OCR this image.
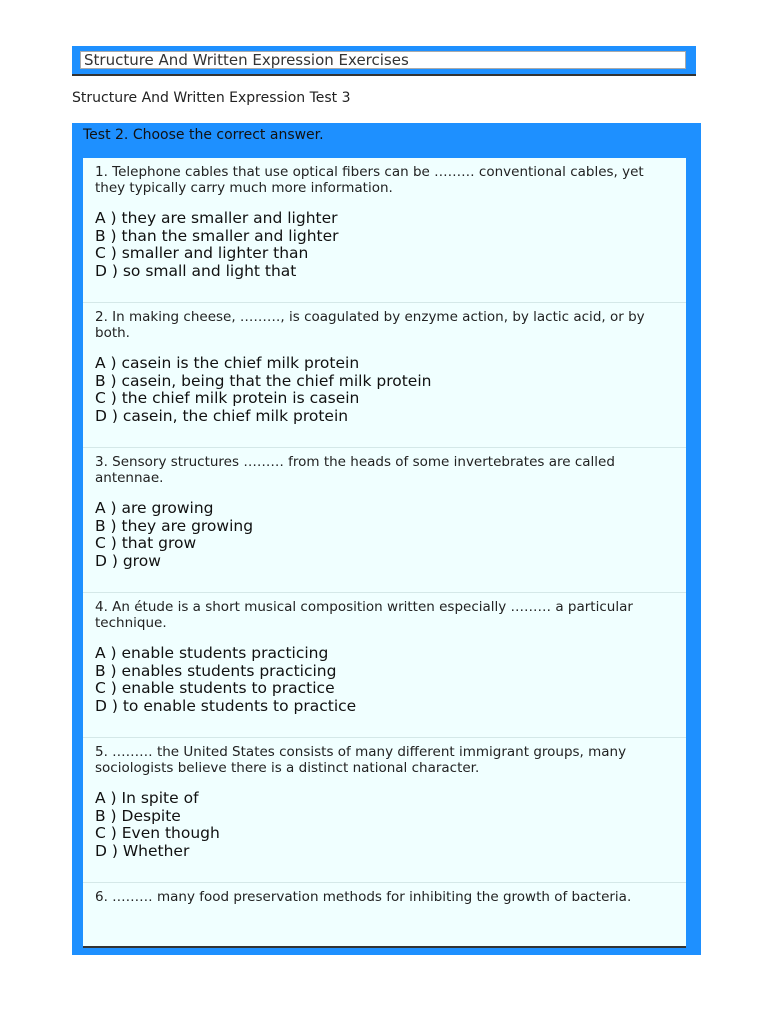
Structure And Written Expression Exercises
Structure And Written Expression Test 3
Test 2. Choose the correct answer.
1. Telephone cables that use optical fibers can be ……… conventional cables, yet they typically carry much more information.
A ) they are smaller and lighter
B ) than the smaller and lighter
C ) smaller and lighter than
D ) so small and light that
2. In making cheese, ………, is coagulated by enzyme action, by lactic acid, or by both.
A ) casein is the chief milk protein
B ) casein, being that the chief milk protein
C ) the chief milk protein is casein
D ) casein, the chief milk protein
3. Sensory structures ……… from the heads of some invertebrates are called antennae.
A ) are growing
B ) they are growing
C ) that grow
D ) grow
4. An étude is a short musical composition written especially ……… a particular technique.
A ) enable students practicing
B ) enables students practicing
C ) enable students to practice
D ) to enable students to practice
5. ……… the United States consists of many different immigrant groups, many sociologists believe there is a distinct national character.
A ) In spite of
B ) Despite
C ) Even though
D ) Whether
6. ……… many food preservation methods for inhibiting the growth of bacteria.
